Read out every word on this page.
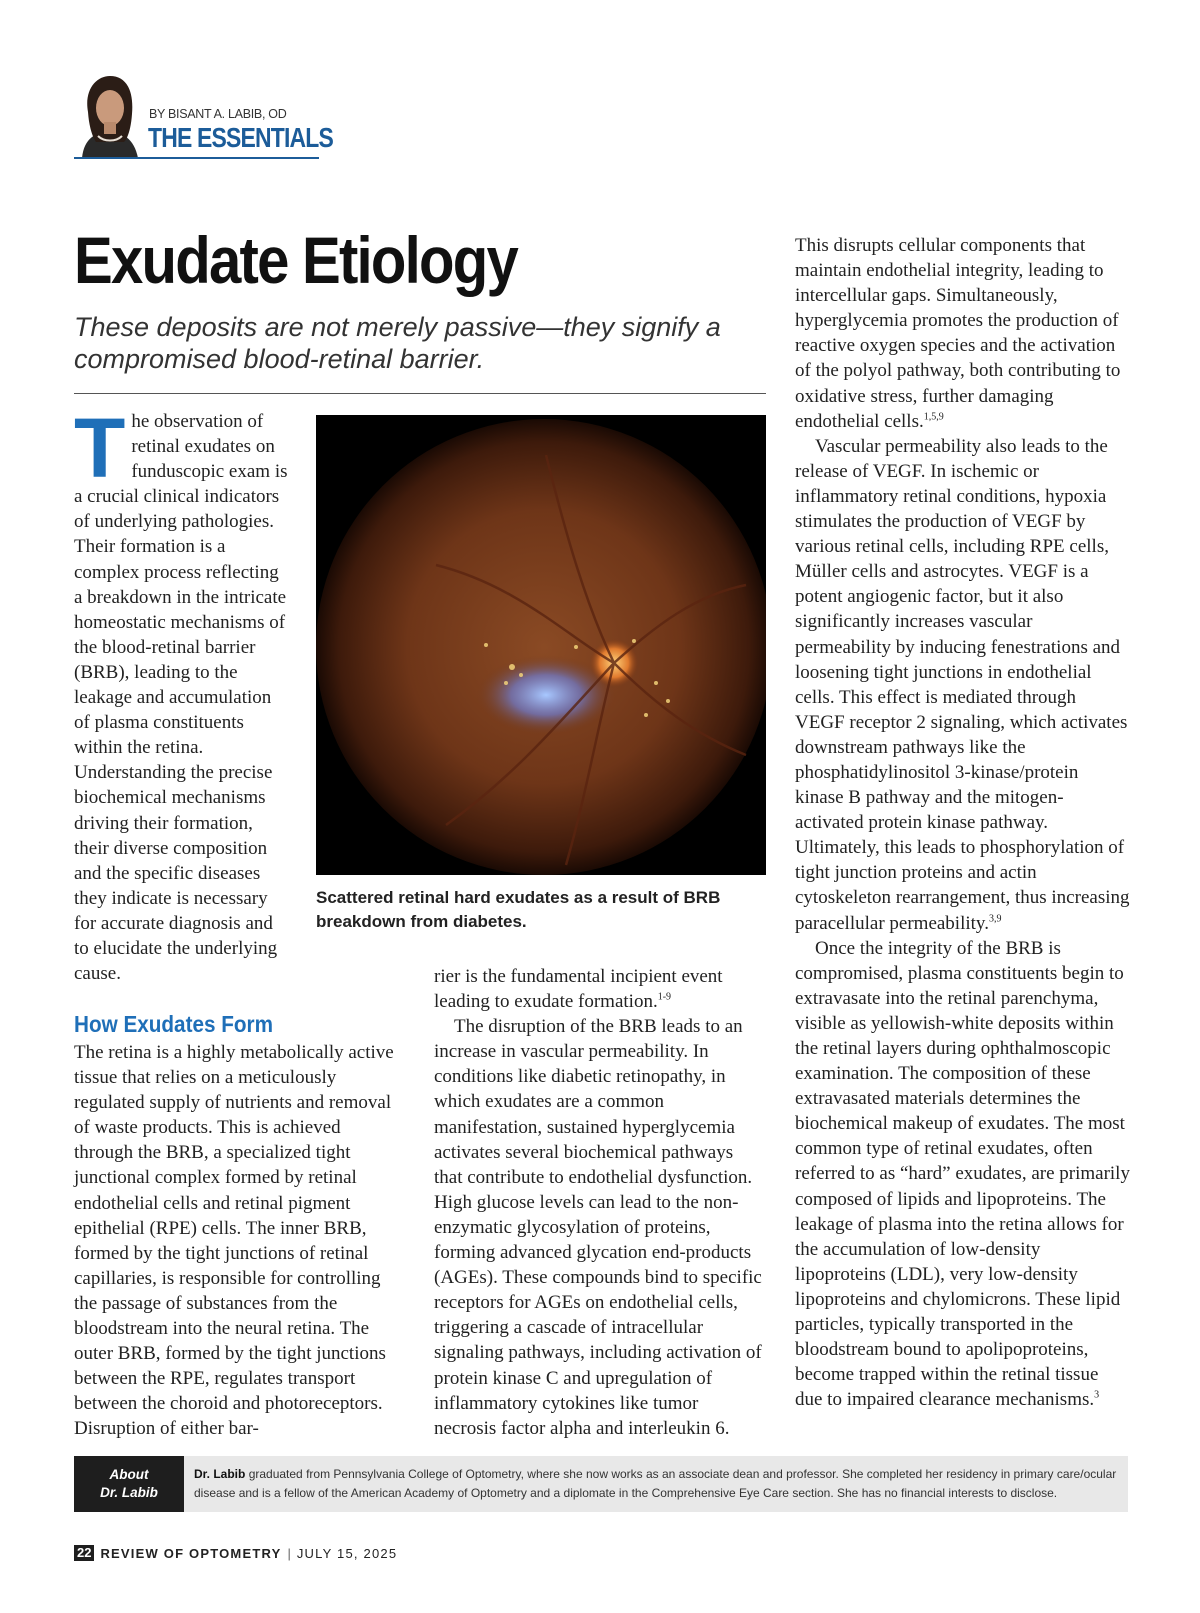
BY BISANT A. LABIB, OD
THE ESSENTIALS
Exudate Etiology
These deposits are not merely passive—they signify a compromised blood-retinal barrier.

The observation of retinal exudates on funduscopic exam is a crucial clinical indicators of underlying pathologies. Their formation is a complex process reflecting a breakdown in the intricate homeostatic mechanisms of the blood-retinal barrier (BRB), leading to the leakage and accumulation of plasma constituents within the retina. Understanding the precise biochemical mechanisms driving their formation, their diverse composition and the specific diseases they indicate is necessary for accurate diagnosis and to elucidate the underlying cause.

How Exudates Form

The retina is a highly metabolically active tissue that relies on a meticulously regulated supply of nutrients and removal of waste products. This is achieved through the BRB, a specialized tight junctional complex formed by retinal endothelial cells and retinal pigment epithelial (RPE) cells. The inner BRB, formed by the tight junctions of retinal capillaries, is responsible for controlling the passage of substances from the bloodstream into the neural retina. The outer BRB, formed by the tight junctions between the RPE, regulates transport between the choroid and photoreceptors. Disruption of either bar-

Scattered retinal hard exudates as a result of BRB breakdown from diabetes.

rier is the fundamental incipient event leading to exudate formation.$^{1-9}$

The disruption of the BRB leads to an increase in vascular permeability. In conditions like diabetic retinopathy, in which exudates are a common manifestation, sustained hyperglycemia activates several biochemical pathways that contribute to endothelial dysfunction. High glucose levels can lead to the non-enzymatic glycosylation of proteins, forming advanced glycation end-products (AGEs). These compounds bind to specific receptors for AGEs on endothelial cells, triggering a cascade of intracellular signaling pathways, including activation of protein kinase C and upregulation of inflammatory cytokines like tumor necrosis factor alpha and interleukin 6.

This disrupts cellular components that maintain endothelial integrity, leading to intercellular gaps. Simultaneously, hyperglycemia promotes the production of reactive oxygen species and the activation of the polyol pathway, both contributing to oxidative stress, further damaging endothelial cells.$^{1,5,9}$

Vascular permeability also leads to the release of VEGF. In ischemic or inflammatory retinal conditions, hypoxia stimulates the production of VEGF by various retinal cells, including RPE cells, Müller cells and astrocytes. VEGF is a potent angiogenic factor, but it also significantly increases vascular permeability by inducing fenestrations and loosening tight junctions in endothelial cells. This effect is mediated through VEGF receptor 2 signaling, which activates downstream pathways like the phosphatidylinositol 3-kinase/protein kinase B pathway and the mitogen-activated protein kinase pathway. Ultimately, this leads to phosphorylation of tight junction proteins and actin cytoskeleton rearrangement, thus increasing paracellular permeability.$^{3,9}$

Once the integrity of the BRB is compromised, plasma constituents begin to extravasate into the retinal parenchyma, visible as yellowish-white deposits within the retinal layers during ophthalmoscopic examination. The composition of these extravasated materials determines the biochemical makeup of exudates. The most common type of retinal exudates, often referred to as “hard” exudates, are primarily composed of lipids and lipoproteins. The leakage of plasma into the retina allows for the accumulation of low-density lipoproteins (LDL), very low-density lipoproteins and chylomicrons. These lipid particles, typically transported in the bloodstream bound to apolipoproteins, become trapped within the retinal tissue due to impaired clearance mechanisms.$^3$

About
Dr. Labib
Dr. Labib graduated from Pennsylvania College of Optometry, where she now works as an associate dean and professor. She completed her residency in primary care/ocular disease and is a fellow of the American Academy of Optometry and a diplomate in the Comprehensive Eye Care section. She has no financial interests to disclose.
22 REVIEW OF OPTOMETRY | JULY 15, 2025
